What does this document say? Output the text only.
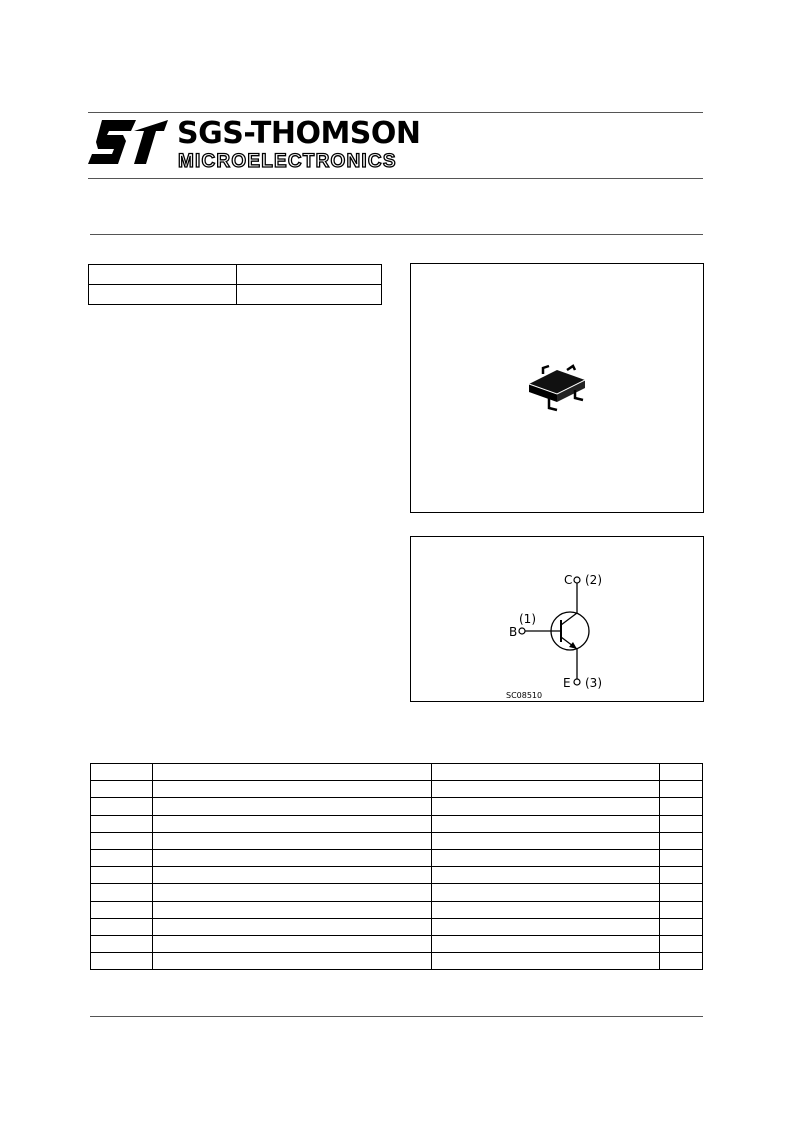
SGS-THOMSON
MICROELECTRONICS

C (2)
(1)
B
E (3)
SC08510
